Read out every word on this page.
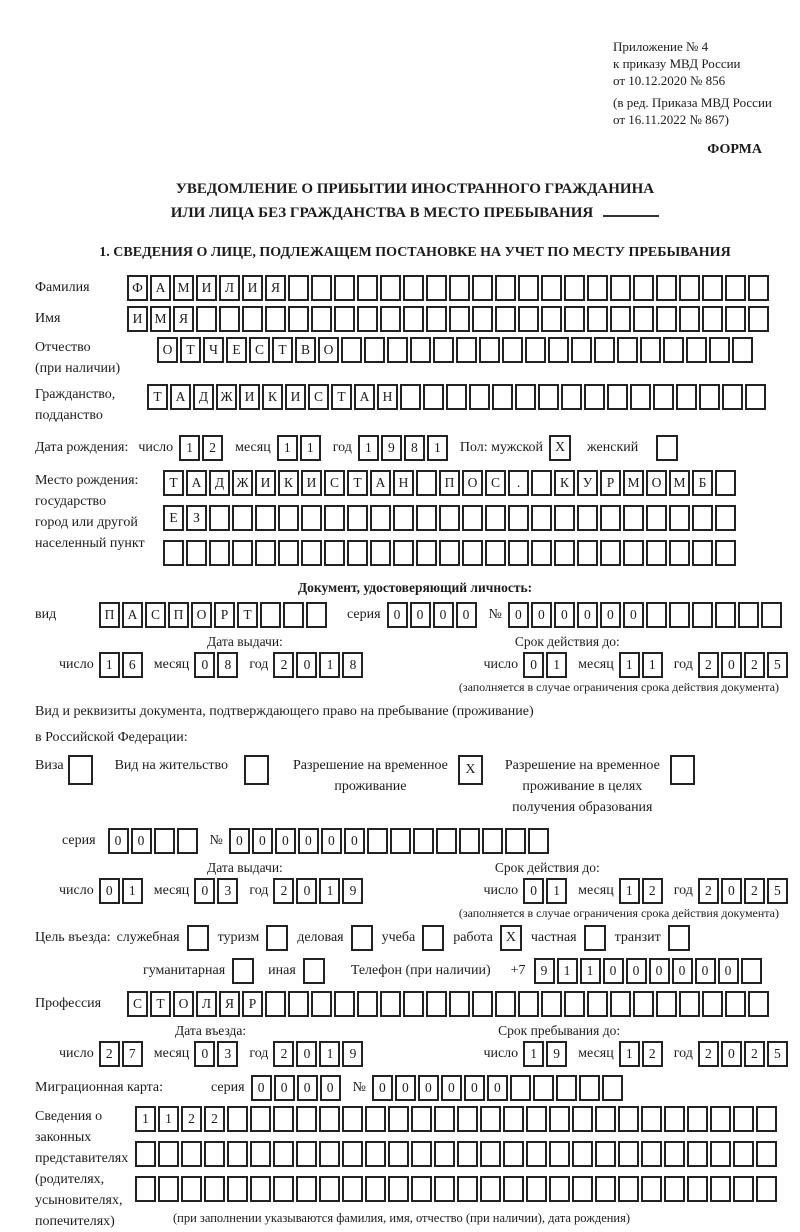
Приложение № 4
к приказу МВД России
от 10.12.2020 № 856
(в ред. Приказа МВД России
от 16.11.2022 № 867)
ФОРМА
УВЕДОМЛЕНИЕ О ПРИБЫТИИ ИНОСТРАННОГО ГРАЖДАНИНА
ИЛИ ЛИЦА БЕЗ ГРАЖДАНСТВА В МЕСТО ПРЕБЫВАНИЯ
1. СВЕДЕНИЯ О ЛИЦЕ, ПОДЛЕЖАЩЕМ ПОСТАНОВКЕ НА УЧЕТ ПО МЕСТУ ПРЕБЫВАНИЯ
Фамилия	Ф А М И	Л	И	Я
Имя	И М Я
Отчество
(при наличии)
О	Т	Ч	Е	С	Т	В	О
Гражданство,
подданство
Т	А	Д Ж И	К	И	С	Т	А Н
Дата рождения: число 1	2	месяц 1	1	год 1	9	8	1	Пол: мужской X	женский
Место рождения:
государство
город или другой
населенный пункт
Т	А	Д Ж И	К	И	С	Т	А Н	П О	С	.	К	У	Р М О М Б
Е	З
Документ, удостоверяющий личность:
вид	П А	С	П О	Р	Т	серия 0	0	0	0	№ 0	0	0	0	0	0
Дата выдачи:	Срок действия до:
число 1	6	месяц 0	8	год 2	0	1	8	число 0	1	месяц 1	1	год 2	0	2	5
(заполняется в случае ограничения срока действия документа)
Вид и реквизиты документа, подтверждающего право на пребывание (проживание)
в Российской Федерации:
Виза	Вид на жительство	Разрешение на временное
проживание
X	Разрешение на временное
проживание в целях
получения образования
серия	0	0	№ 0	0	0	0	0	0
Дата выдачи:	Срок действия до:
число 0	1	месяц 0	3	год 2	0	1	9	число 0	1	месяц 1	2	год 2	0	2	5
(заполняется в случае ограничения срока действия документа)
Цель въезда: служебная	туризм	деловая	учеба	работа X	частная	транзит
гуманитарная	иная	Телефон (при наличии) +7	9	1	1	0	0	0	0	0	0
Профессия	С	Т	О	Л	Я	Р
Дата въезда:	Срок пребывания до:
число 2	7	месяц 0	3	год 2	0	1	9	число 1	9	месяц 1	2	год 2	0	2	5
Миграционная карта:	серия 0	0	0	0	№ 0	0	0	0	0	0
Сведения о
законных
представителях
(родителях,
усыновителях,
попечителях)
1	1	2	2
(при заполнении указываются фамилия, имя, отчество (при наличии), дата рождения)
